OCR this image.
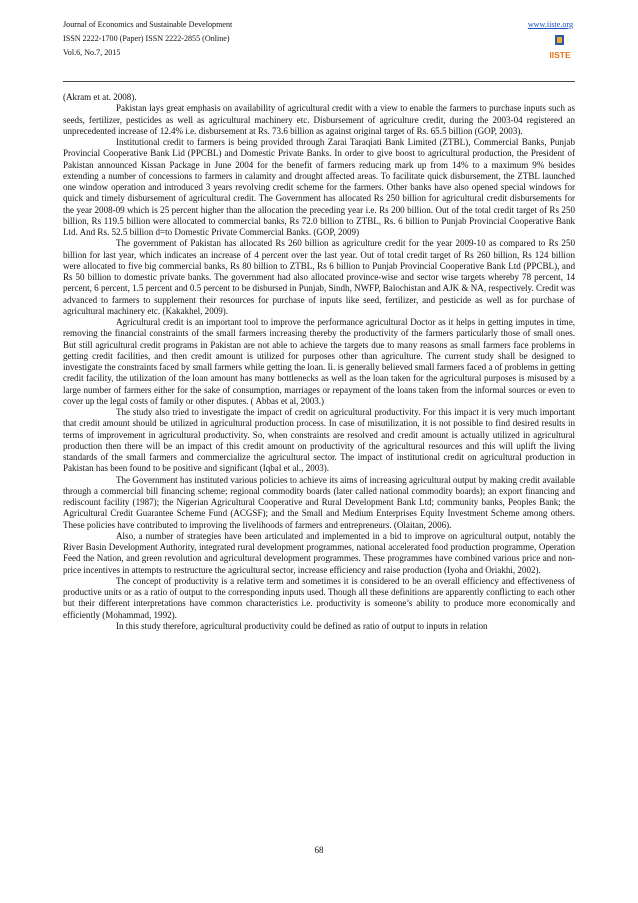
Journal of Economics and Sustainable Development
ISSN 2222-1700 (Paper) ISSN 2222-2855 (Online)
Vol.6, No.7, 2015
www.iiste.org
IISTE

(Akram et at. 2008).

Pakistan lays great emphasis on availability of agricultural credit with a view to enable the farmers to purchase inputs such as seeds, fertilizer, pesticides as well as agricultural machinery etc. Disbursement of agriculture credit, during the 2003-04 registered an unprecedented increase of 12.4% i.e. disbursement at Rs. 73.6 billion as against original target of Rs. 65.5 billion (GOP, 2003).

Institutional credit to farmers is being provided through Zarai Taraqiati Bank Limited (ZTBL), Commercial Banks, Punjab Provincial Cooperative Bank Lid (PPCBL) and Domestic Private Banks. In order to give boost to agricultural production, the President of Pakistan announced Kissan Package in June 2004 for the benefit of farmers reducing mark up from 14% to a maximum 9% besides extending a number of concessions to farmers in calamity and drought affected areas. To facilitate quick disbursement, the ZTBL launched one window operation and introduced 3 years revolving credit scheme for the farmers. Other banks have also opened special windows for quick and timely disbursement of agricultural credit. The Government has allocated Rs 250 billion for agricultural credit disbursements for the year 2008-09 which is 25 percent higher than the allocation the preceding year i.e. Rs 200 billion. Out of the total credit target of Rs 250 billion, Rs 119.5 billion were allocated to commercial banks, Rs 72.0 billion to ZTBL, Rs. 6 billion to Punjab Provincial Cooperative Bank Ltd. And Rs. 52.5 billion d=to Domestic Private Commercial Banks. (GOP, 2009)

The government of Pakistan has allocated Rs 260 billion as agriculture credit for the year 2009-10 as compared to Rs 250 billion for last year, which indicates an increase of 4 percent over the last year. Out of total credit target of Rs 260 billion, Rs 124 billion were allocated to five big commercial banks, Rs 80 billion to ZTBL, Rs 6 billion to Punjab Provincial Cooperative Bank Ltd (PPCBL), and Rs 50 billion to domestic private banks. The government had also allocated province-wise and sector wise targets whereby 78 percent, 14 percent, 6 percent, 1.5 percent and 0.5 percent to be disbursed in Punjab, Sindh, NWFP, Balochistan and AJK & NA, respectively. Credit was advanced to farmers to supplement their resources for purchase of inputs like seed, fertilizer, and pesticide as well as for purchase of agricultural machinery etc. (Kakakhel, 2009).

Agricultural credit is an important tool to improve the performance agricultural Doctor as it helps in getting imputes in time, removing the financial constraints of the small farmers increasing thereby the productivity of the farmers particularly those of small ones. But still agricultural credit programs in Pakistan are not able to achieve the targets due to many reasons as small farmers face problems in getting credit facilities, and then credit amount is utilized for purposes other than agriculture. The current study shall be designed to investigate the constraints faced by small farmers while getting the loan. Ii. is generally believed small farmers faced a of problems in getting credit facility, the utilization of the loan amount has many bottlenecks as well as the loan taken for the agricultural purposes is misused by a large number of farmers either for the sake of consumption, marriages or repayment of the loans taken from the informal sources or even to cover up the legal costs of family or other disputes. ( Abbas et al, 2003.)

The study also tried to investigate the impact of credit on agricultural productivity. For this impact it is very much important that credit amount should be utilized in agricultural production process. In case of misutilization, it is not possible to find desired results in terms of improvement in agricultural productivity. So, when constraints are resolved and credit amount is actually utilized in agricultural production then there will be an impact of this credit amount on productivity of the agricultural resources and this will uplift the living standards of the small farmers and commercialize the agricultural sector. The impact of institutional credit on agricultural production in Pakistan has been found to be positive and significant (Iqbal et al., 2003).

The Government has instituted various policies to achieve its aims of increasing agricultural output by making credit available through a commercial bill financing scheme; regional commodity boards (later called national commodity boards); an export financing and rediscount facility (1987); the Nigerian Agricultural Cooperative and Rural Development Bank Ltd; community banks, Peoples Bank; the Agricultural Credit Guarantee Scheme Fund (ACGSF); and the Small and Medium Enterprises Equity Investment Scheme among others. These policies have contributed to improving the livelihoods of farmers and entrepreneurs. (Olaitan, 2006).

Also, a number of strategies have been articulated and implemented in a bid to improve on agricultural output, notably the River Basin Development Authority, integrated rural development programmes, national accelerated food production programme, Operation Feed the Nation, and green revolution and agricultural development programmes. These programmes have combined various price and non-price incentives in attempts to restructure the agricultural sector, increase efficiency and raise production (Iyoha and Oriakhi, 2002).

The concept of productivity is a relative term and sometimes it is considered to be an overall efficiency and effectiveness of productive units or as a ratio of output to the corresponding inputs used. Though all these definitions are apparently conflicting to each other but their different interpretations have common characteristics i.e. productivity is someone’s ability to produce more economically and efficiently (Mohammad, 1992).

In this study therefore, agricultural productivity could be defined as ratio of output to inputs in relation

68
